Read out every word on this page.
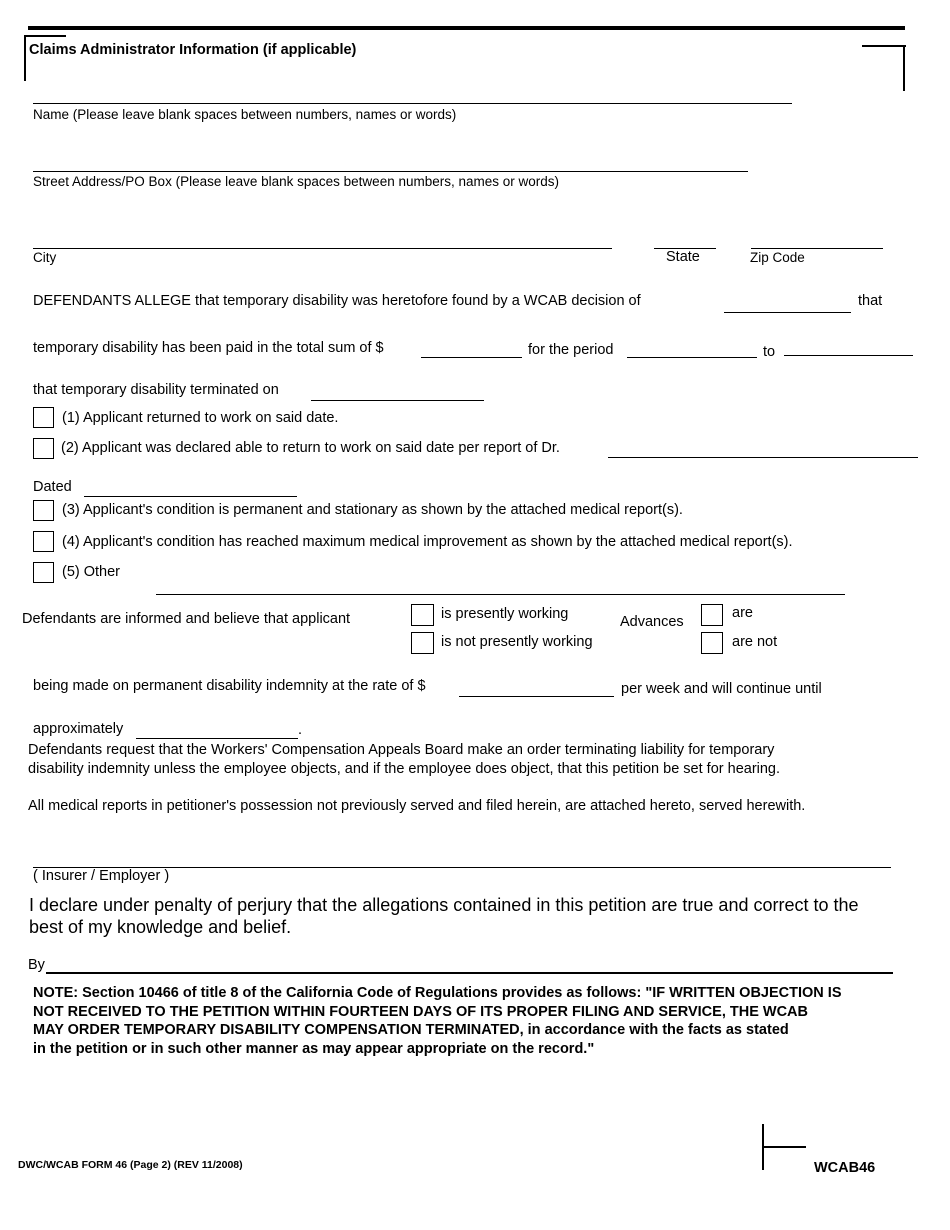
Claims Administrator Information (if applicable)
Name (Please leave blank spaces between numbers, names or words)
Street Address/PO Box (Please leave blank spaces between numbers, names or words)
City	State	Zip Code
DEFENDANTS ALLEGE that temporary disability was heretofore found by a WCAB decision of	that
temporary disability has been paid in the total sum of $	for the period	to
that temporary disability terminated on
(1) Applicant returned to work on said date.
(2) Applicant was declared able to return to work on said date per report of Dr.
Dated
(3) Applicant's condition is permanent and stationary as shown by the attached medical report(s).
(4) Applicant's condition has reached maximum medical improvement as shown by the attached medical report(s).
(5) Other
Defendants are informed and believe that applicant	is presently working
is not presently working
Advances
are
are not
being made on permanent disability indemnity at the rate of $	per week and will continue until
approximately	.
Defendants request that the Workers' Compensation Appeals Board make an order terminating liability for temporary
disability indemnity unless the employee objects, and if the employee does object, that this petition be set for hearing.
All medical reports in petitioner's possession not previously served and filed herein, are attached hereto, served herewith.
( Insurer / Employer )
I declare under penalty of perjury that the allegations contained in this petition are true and correct to the
best of my knowledge and belief.
By
NOTE: Section 10466 of title 8 of the California Code of Regulations provides as follows: "IF WRITTEN OBJECTION IS
NOT RECEIVED TO THE PETITION WITHIN FOURTEEN DAYS OF ITS PROPER FILING AND SERVICE, THE WCAB
MAY ORDER TEMPORARY DISABILITY COMPENSATION TERMINATED, in accordance with the facts as stated
in the petition or in such other manner as may appear appropriate on the record."
DWC/WCAB FORM 46 (Page 2) (REV 11/2008)	WCAB46
